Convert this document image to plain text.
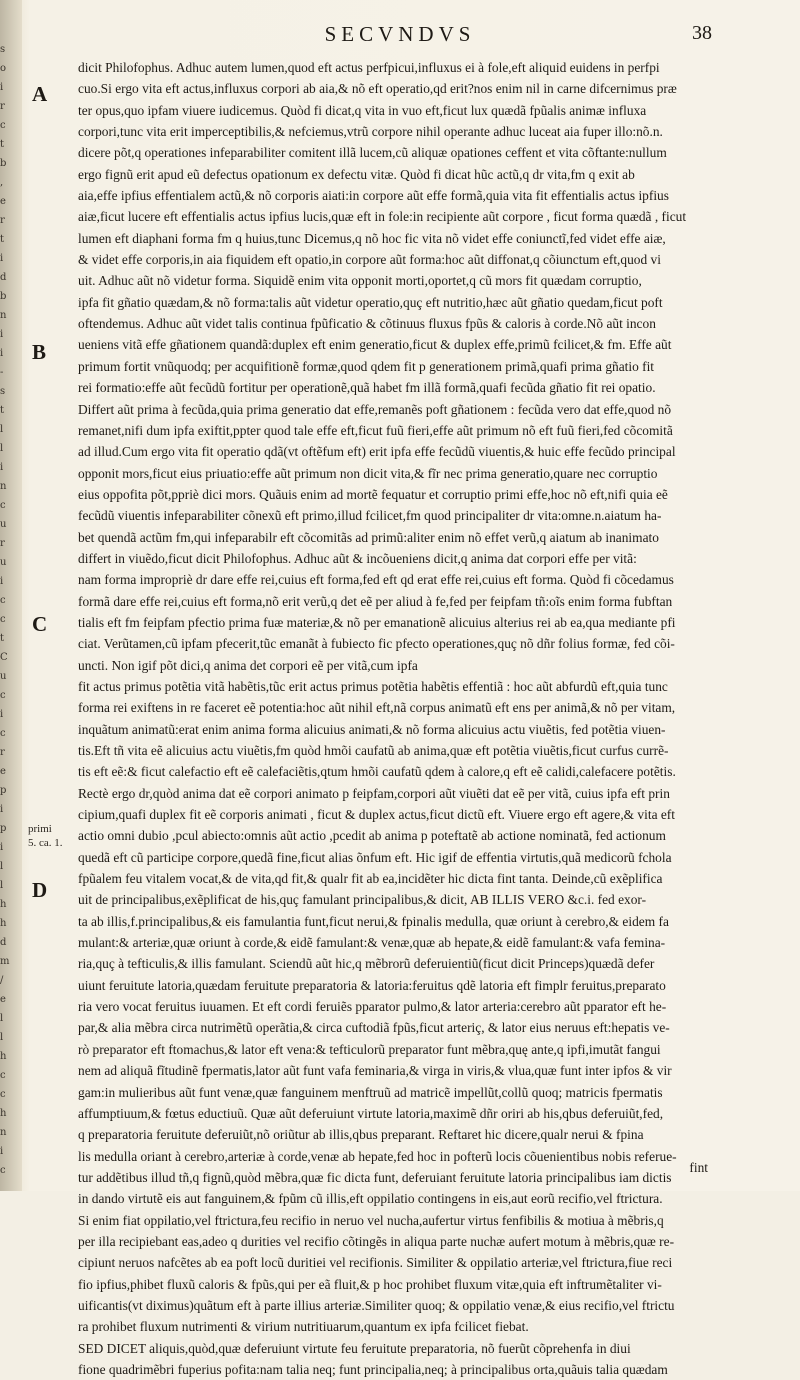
s
o
i
r
c
t
b
,
e
r
t
i
d
b
n
i
i
-
s
t
l
l
i
n
c
u
r
u
i
c
c
t
C
u
c
i
c
r
e
p
i
p
i
l
l
h
h
d
m
/
e
l
l
h
c
c
h
n
i
c
SECVNDVS	38
A
B
C
D
primi
5. ca. 1.
dicit Philofophus. Adhuc autem lumen,quod eft actus perfpicui,influxus ei à fole,eft aliquid euidens in perfpi
cuo.Si ergo vita eft actus,influxus corpori ab aia,& nõ eft operatio,qd erit?nos enim nil in carne difcernimus præ
ter opus,quo ipfam viuere iudicemus. Quòd fi dicat,q vita in vuo eft,ficut lux quædã fpũalis animæ influxa
corpori,tunc vita erit imperceptibilis,& nefciemus,vtrũ corpore nihil operante adhuc luceat aia fuper illo:nõ.n.
dicere põt,q operationes infeparabiliter comitent illã lucem,cũ aliquæ opationes ceffent et vita cõftante:nullum
ergo fignũ erit apud eũ defectus opationum ex defectu vitæ. Quòd fi dicat hũc actũ,q dr vita,fm q exit ab
aia,effe ipfius effentialem actũ,& nõ corporis aiati:in corpore aũt effe formã,quia vita fit effentialis actus ipfius
aiæ,ficut lucere eft effentialis actus ipfius lucis,quæ eft in fole:in recipiente aũt corpore , ficut forma quædã , ficut
lumen eft diaphani forma fm q huius,tunc Dicemus,q nõ hoc fic vita nõ videt effe coniunctĩ,fed videt effe aiæ,
& videt effe corporis,in aia fiquidem eft opatio,in corpore aũt forma:hoc aũt diffonat,q cõiunctum eft,quod vi
uit. Adhuc aũt nõ videtur forma. Siquidẽ enim vita opponit morti,oportet,q cũ mors fit quædam corruptio,
ipfa fit gñatio quædam,& nõ forma:talis aũt videtur operatio,quç eft nutritio,hæc aũt gñatio quedam,ficut poft
oftendemus. Adhuc aũt videt talis continua fpũficatio & cõtinuus fluxus fpũs & caloris à corde.Nõ aũt incon
ueniens vitã effe gñationem quandã:duplex eft enim generatio,ficut & duplex effe,primũ fcilicet,& fm. Effe aũt
primum fortit vnũquodq; per acquifitionẽ formæ,quod qdem fit p generationem primã,quafi prima gñatio fit
rei formatio:effe aũt fecũdũ fortitur per operationẽ,quã habet fm illã formã,quafi fecũda gñatio fit rei opatio.
Differt aũt prima à fecũda,quia prima generatio dat effe,remanẽs poft gñationem : fecũda vero dat effe,quod nõ
remanet,nifi dum ipfa exiftit,ppter quod tale effe eft,ficut fuũ fieri,effe aũt primum nõ eft fuũ fieri,fed cõcomitã
ad illud.Cum ergo vita fit operatio qdã(vt oftẽfum eft) erit ipfa effe fecũdũ viuentis,& huic effe fecũdo principal
opponit mors,ficut eius priuatio:effe aũt primum non dicit vita,& fĩr nec prima generatio,quare nec corruptio
eius oppofita põt,ppriè dici mors. Quãuis enim ad mortẽ fequatur et corruptio primi effe,hoc nõ eft,nifi quia eẽ
fecũdũ viuentis infeparabiliter cõnexũ eft primo,illud fcilicet,fm quod principaliter dr vita:omne.n.aiatum ha-
bet quendã actũm fm,qui infeparabilr eft cõcomitãs ad primũ:aliter enim nõ effet verũ,q aiatum ab inanimato
differt in viuẽdo,ficut dicit Philofophus. Adhuc aũt & incõueniens dicit,q anima dat corpori effe per vitã:
nam forma impropriè dr dare effe rei,cuius eft forma,fed eft qd erat effe rei,cuius eft forma. Quòd fi cõcedamus
formã dare effe rei,cuius eft forma,nõ erit verũ,q det eẽ per aliud à fe,fed per feipfam tñ:oĩs enim forma fubftan
tialis eft fm feipfam pfectio prima fuæ materiæ,& nõ per emanationẽ alicuius alterius rei ab ea,qua mediante pfi
ciat. Verũtamen,cũ ipfam pfecerit,tũc emanãt à fubiecto fic pfecto operationes,quç nõ dñr folius formæ, fed cõi-
uncti. Non igif põt dici,q anima det corpori eẽ per vitã,cum ipfa
fit actus primus potẽtia vitã habẽtis,tũc erit actus primus potẽtia habẽtis effentiã : hoc aũt abfurdũ eft,quia tunc
forma rei exiftens in re faceret eẽ potentia:hoc aũt nihil eft,nã corpus animatũ eft ens per animã,& nõ per vitam,
inquãtum animatũ:erat enim anima forma alicuius animati,& nõ forma alicuius actu viuẽtis, fed potẽtia viuen-
tis.Eft tñ vita eẽ alicuius actu viuẽtis,fm quòd hmõi caufatũ ab anima,quæ eft potẽtia viuẽtis,ficut curfus currẽ-
tis eft eẽ:& ficut calefactio eft eẽ calefaciẽtis,qtum hmõi caufatũ qdem à calore,q eft eẽ calidi,calefacere potẽtis.
Rectè ergo dr,quòd anima dat eẽ corpori animato p feipfam,corpori aũt viuẽti dat eẽ per vitã, cuius ipfa eft prin
cipium,quafi duplex fit eẽ corporis animati , ficut & duplex actus,ficut dictũ eft. Viuere ergo eft agere,& vita eft
actio omni dubio ,pcul abiecto:omnis aũt actio ,pcedit ab anima p poteftatẽ ab actione nominatã, fed actionum
quedã eft cũ participe corpore,quedã fine,ficut alias õnfum eft. Hic igif de effentia virtutis,quã medicorũ fchola
fpũalem feu vitalem vocat,& de vita,qd fit,& qualr fit ab ea,incidẽter hic dicta fint tanta. Deinde,cũ exẽplifica
uit de principalibus,exẽplificat de his,quç famulant principalibus,& dicit, AB ILLIS VERO &c.i. fed exor-
ta ab illis,f.principalibus,& eis famulantia funt,ficut nerui,& fpinalis medulla, quæ oriunt à cerebro,& eidem fa
mulant:& arteriæ,quæ oriunt à corde,& eidẽ famulant:& venæ,quæ ab hepate,& eidẽ famulant:& vafa femina-
ria,quç à tefticulis,& illis famulant. Sciendũ aũt hic,q mẽbrorũ deferuientiũ(ficut dicit Princeps)quædã defer
uiunt feruitute latoria,quædam feruitute preparatoria & latoria:feruitus qdẽ latoria eft fimplr feruitus,preparato
ria vero vocat feruitus iuuamen. Et eft cordi feruiẽs pparator pulmo,& lator arteria:cerebro aũt pparator eft he-
par,& alia mẽbra circa nutrimẽtũ operãtia,& circa cuftodiã fpũs,ficut arteriç, & lator eius neruus eft:hepatis ve-
rò preparator eft ftomachus,& lator eft vena:& tefticulorũ preparator funt mẽbra,quę ante,q ipfi,imutãt fangui
nem ad aliquã fĩtudinẽ fpermatis,lator aũt funt vafa feminaria,& virga in viris,& vlua,quæ funt inter ipfos & vir
gam:in mulieribus aũt funt venæ,quæ fanguinem menftruũ ad matricẽ impellũt,collũ quoq; matricis fpermatis
affumptiuum,& fœtus eductiuũ. Quæ aũt deferuiunt virtute latoria,maximẽ dñr oriri ab his,qbus deferuiũt,fed,
q preparatoria feruitute deferuiũt,nõ oriũtur ab illis,qbus preparant. Reftaret hic dicere,qualr nerui & fpina
lis medulla oriant à cerebro,arteriæ à corde,venæ ab hepate,fed hoc in pofterũ locis cõuenientibus nobis referue-
tur addẽtibus illud tñ,q fignũ,quòd mẽbra,quæ fic dicta funt, deferuiant feruitute latoria principalibus iam dictis
in dando virtutẽ eis aut fanguinem,& fpũm cũ illis,eft oppilatio contingens in eis,aut eorũ recifio,vel ftrictura.
Si enim fiat oppilatio,vel ftrictura,feu recifio in neruo vel nucha,aufertur virtus fenfibilis & motiua à mẽbris,q
per illa recipiebant eas,adeo q durities vel recifio cõtingẽs in aliqua parte nuchæ aufert motum à mẽbris,quæ re-
cipiunt neruos nafcẽtes ab ea poft locũ duritiei vel recifionis. Similiter & oppilatio arteriæ,vel ftrictura,fiue reci
fio ipfius,phibet fluxũ caloris & fpũs,qui per eã fluit,& p hoc prohibet fluxum vitæ,quia eft inftrumẽtaliter vi-
uificantis(vt diximus)quãtum eft à parte illius arteriæ.Similiter quoq; & oppilatio venæ,& eius recifio,vel ftrictu
ra prohibet fluxum nutrimenti & virium nutritiuarum,quantum ex ipfa fcilicet fiebat.
SED DICET aliquis,quòd,quæ deferuiunt virtute feu feruitute preparatoria, nõ fuerũt cõprehenfa in diui
fione quadrimẽbri fuperius pofita:nam talia neq; funt principalia,neq; à principalibus orta,quãuis talia quædam
fint
